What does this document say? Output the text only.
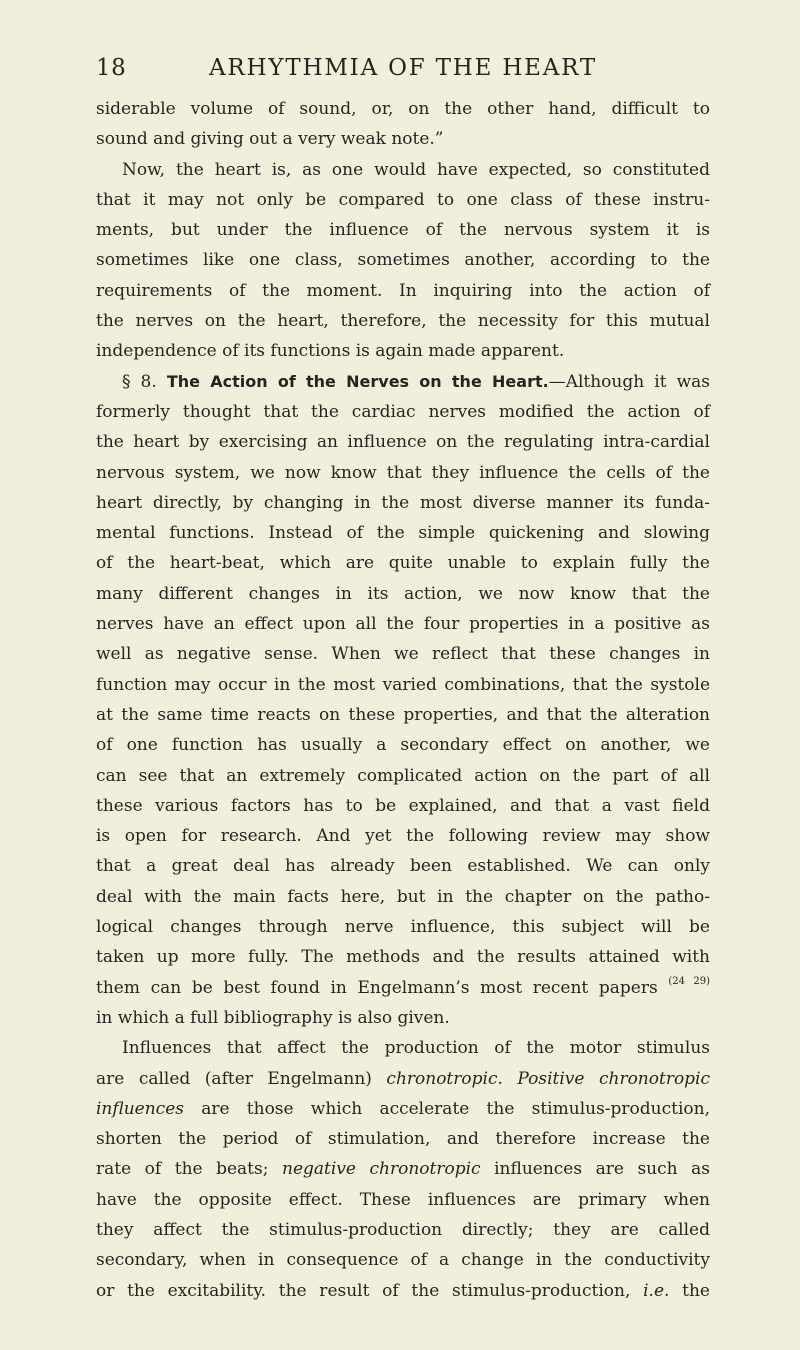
18	ARHYTHMIA OF THE HEART
siderable volume of sound, or, on the other hand, difficult to
sound and giving out a very weak note.”
Now, the heart is, as one would have expected, so constituted
that it may not only be compared to one class of these instru-
ments, but under the influence of the nervous system it is
sometimes like one class, sometimes another, according to the
requirements of the moment. In inquiring into the action of
the nerves on the heart, therefore, the necessity for this mutual
independence of its functions is again made apparent.
§ 8. The Action of the Nerves on the Heart.—Although it was
formerly thought that the cardiac nerves modified the action of
the heart by exercising an influence on the regulating intra-cardial
nervous system, we now know that they influence the cells of the
heart directly, by changing in the most diverse manner its funda-
mental functions. Instead of the simple quickening and slowing
of the heart-beat, which are quite unable to explain fully the
many different changes in its action, we now know that the
nerves have an effect upon all the four properties in a positive as
well as negative sense. When we reflect that these changes in
function may occur in the most varied combinations, that the systole
at the same time reacts on these properties, and that the alteration
of one function has usually a secondary effect on another, we
can see that an extremely complicated action on the part of all
these various factors has to be explained, and that a vast field
is open for research. And yet the following review may show
that a great deal has already been established. We can only
deal with the main facts here, but in the chapter on the patho-
logical changes through nerve influence, this subject will be
taken up more fully. The methods and the results attained with
them can be best found in Engelmann’s most recent papers $^{(24 29)}$
in which a full bibliography is also given.
Influences that affect the production of the motor stimulus
are called (after Engelmann) chronotropic. Positive chronotropic
influences are those which accelerate the stimulus-production,
shorten the period of stimulation, and therefore increase the
rate of the beats; negative chronotropic influences are such as
have the opposite effect. These influences are primary when
they affect the stimulus-production directly; they are called
secondary, when in consequence of a change in the conductivity
or the excitability. the result of the stimulus-production, i.e. the
